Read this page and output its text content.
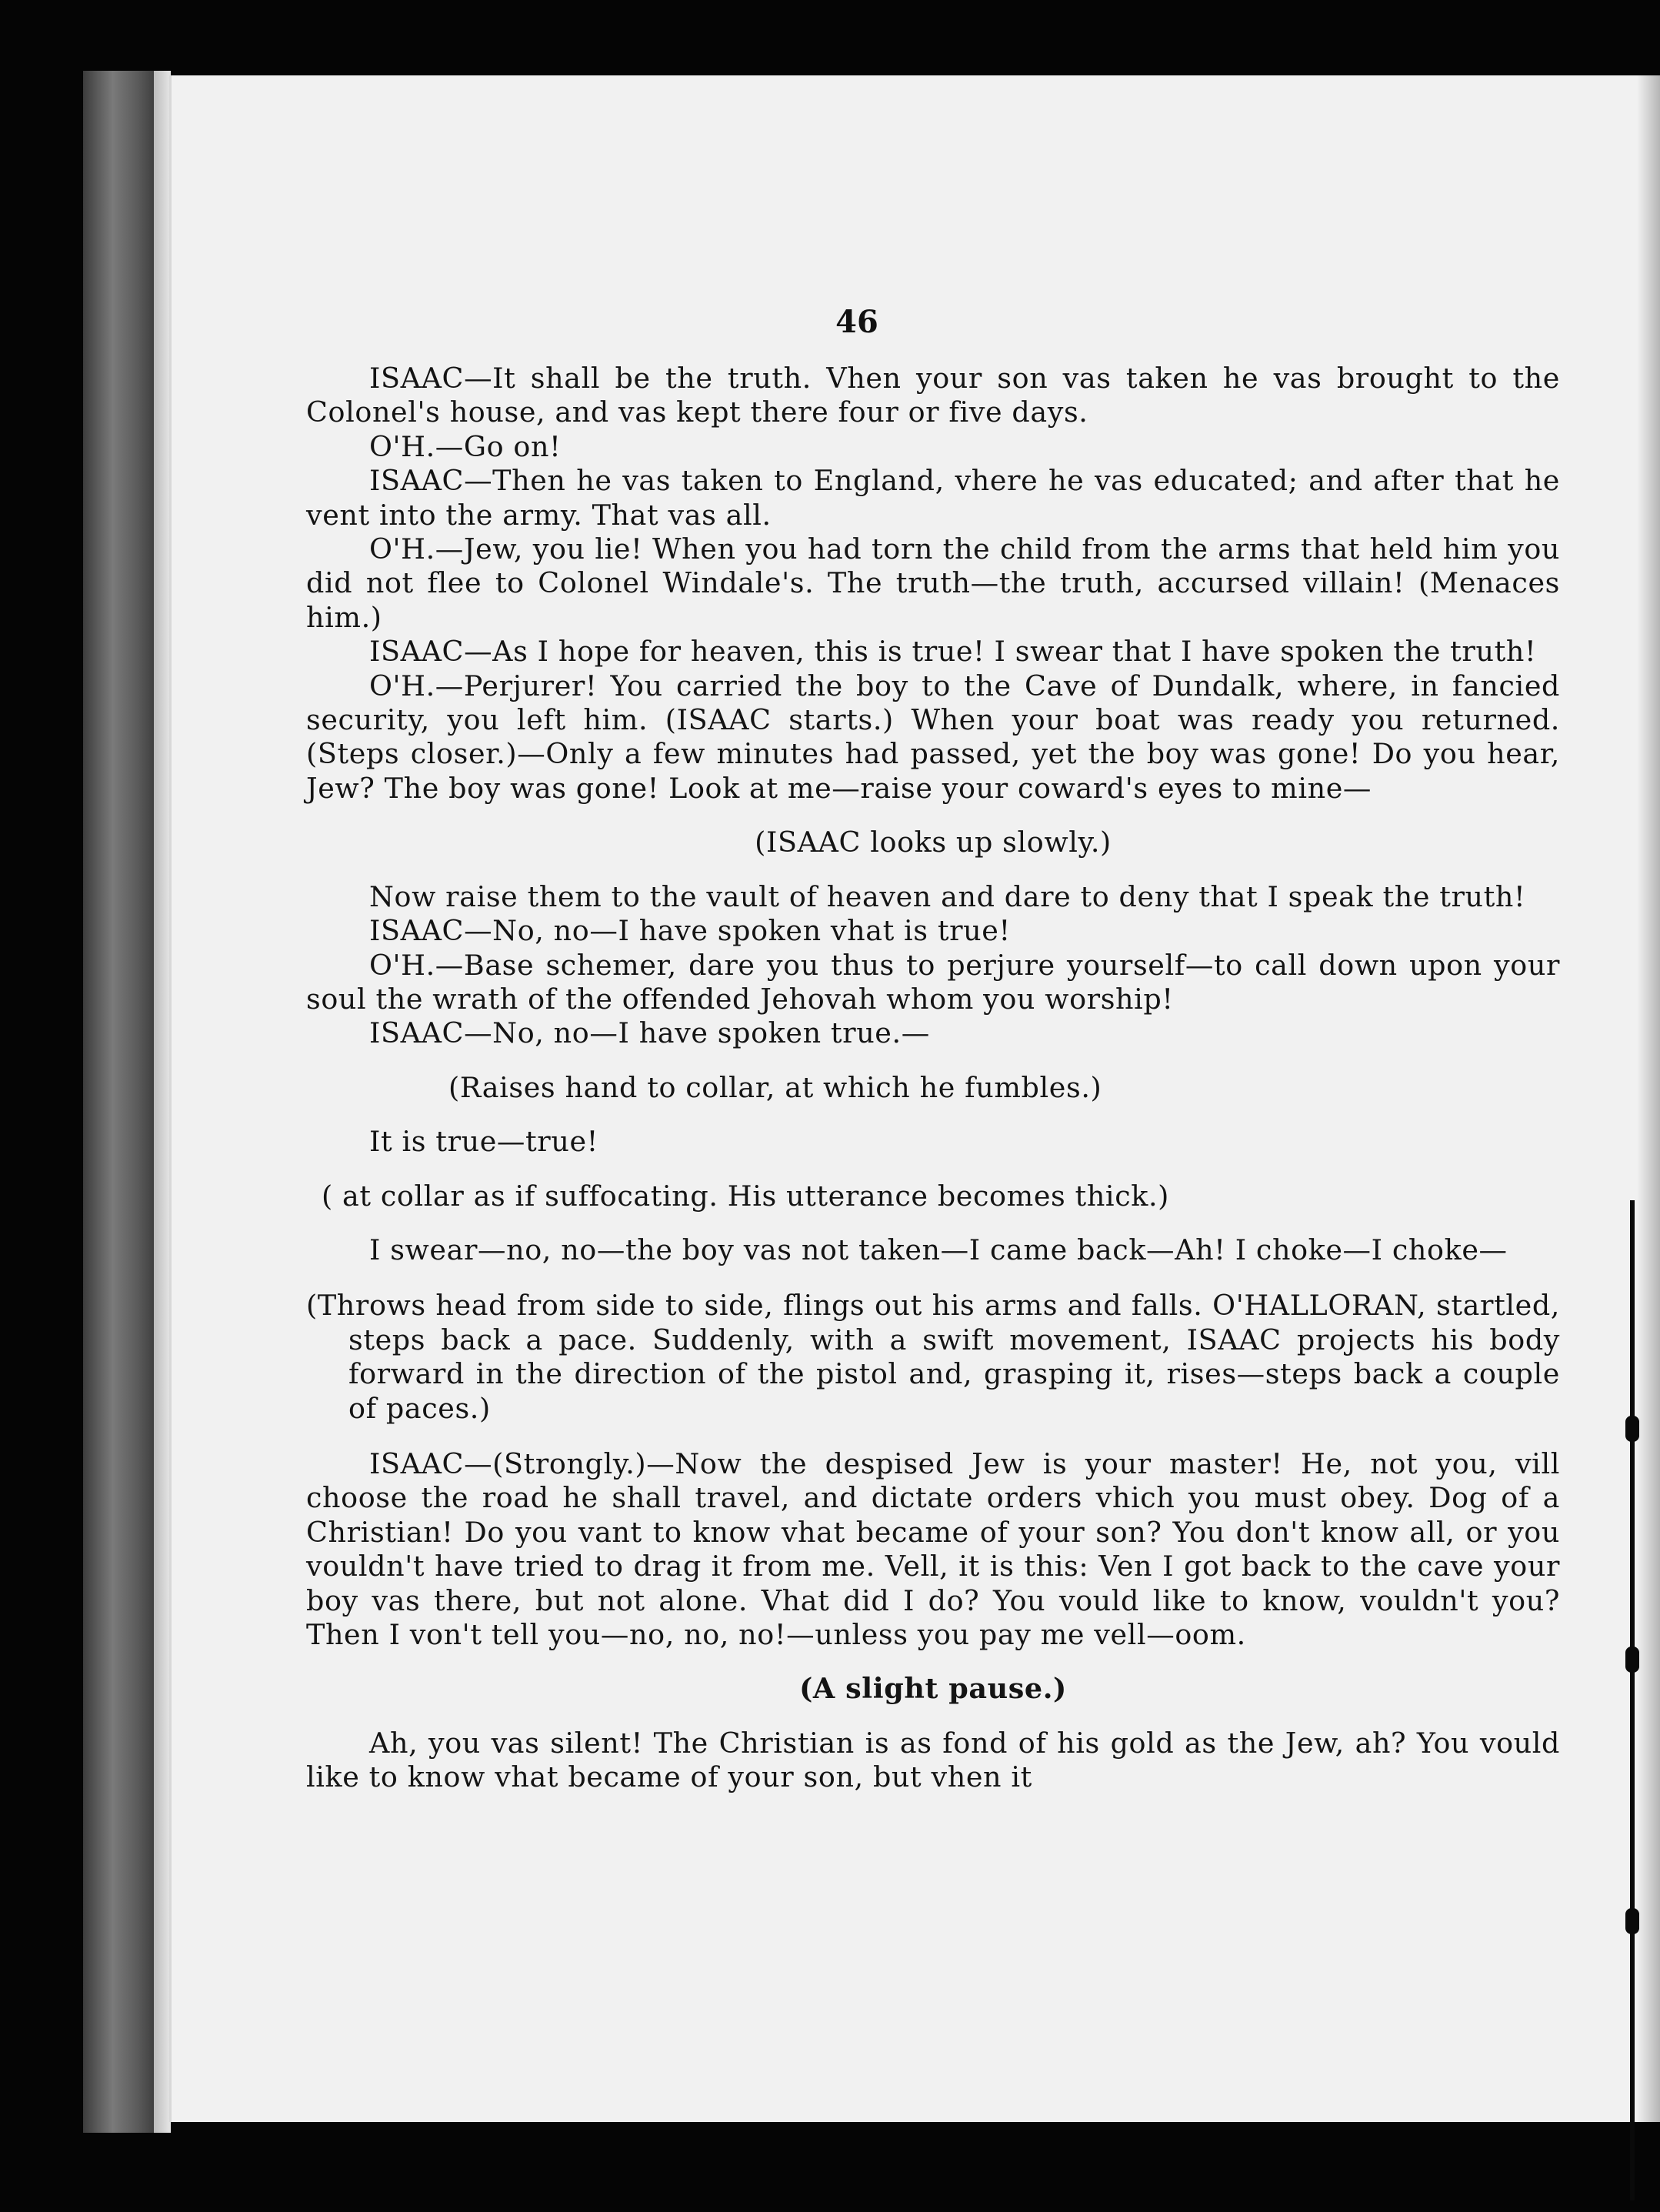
46

ISAAC—It shall be the truth. Vhen your son vas taken he vas brought to the Colonel's house, and vas kept there four or five days.

O'H.—Go on!

ISAAC—Then he vas taken to England, vhere he vas educated; and after that he vent into the army. That vas all.

O'H.—Jew, you lie! When you had torn the child from the arms that held him you did not flee to Colonel Windale's. The truth—the truth, accursed villain! (Menaces him.)

ISAAC—As I hope for heaven, this is true! I swear that I have spoken the truth!

O'H.—Perjurer! You carried the boy to the Cave of Dundalk, where, in fancied security, you left him. (ISAAC starts.) When your boat was ready you returned. (Steps closer.)—Only a few minutes had passed, yet the boy was gone! Do you hear, Jew? The boy was gone! Look at me—raise your coward's eyes to mine—

(ISAAC looks up slowly.)

Now raise them to the vault of heaven and dare to deny that I speak the truth!

ISAAC—No, no—I have spoken vhat is true!

O'H.—Base schemer, dare you thus to perjure yourself—to call down upon your soul the wrath of the offended Jehovah whom you worship!

ISAAC—No, no—I have spoken true.—

(Raises hand to collar, at which he fumbles.)

It is true—true!

( at collar as if suffocating. His utterance becomes thick.)

I swear—no, no—the boy vas not taken—I came back—Ah! I choke—I choke—

(Throws head from side to side, flings out his arms and falls. O'HALLORAN, startled, steps back a pace. Suddenly, with a swift movement, ISAAC projects his body forward in the direction of the pistol and, grasping it, rises—steps back a couple of paces.)

ISAAC—(Strongly.)—Now the despised Jew is your master! He, not you, vill choose the road he shall travel, and dictate orders vhich you must obey. Dog of a Christian! Do you vant to know vhat became of your son? You don't know all, or you vouldn't have tried to drag it from me. Vell, it is this: Ven I got back to the cave your boy vas there, but not alone. Vhat did I do? You vould like to know, vouldn't you? Then I von't tell you—no, no, no!—unless you pay me vell—oom.

(A slight pause.)

Ah, you vas silent! The Christian is as fond of his gold as the Jew, ah? You vould like to know vhat became of your son, but vhen it
